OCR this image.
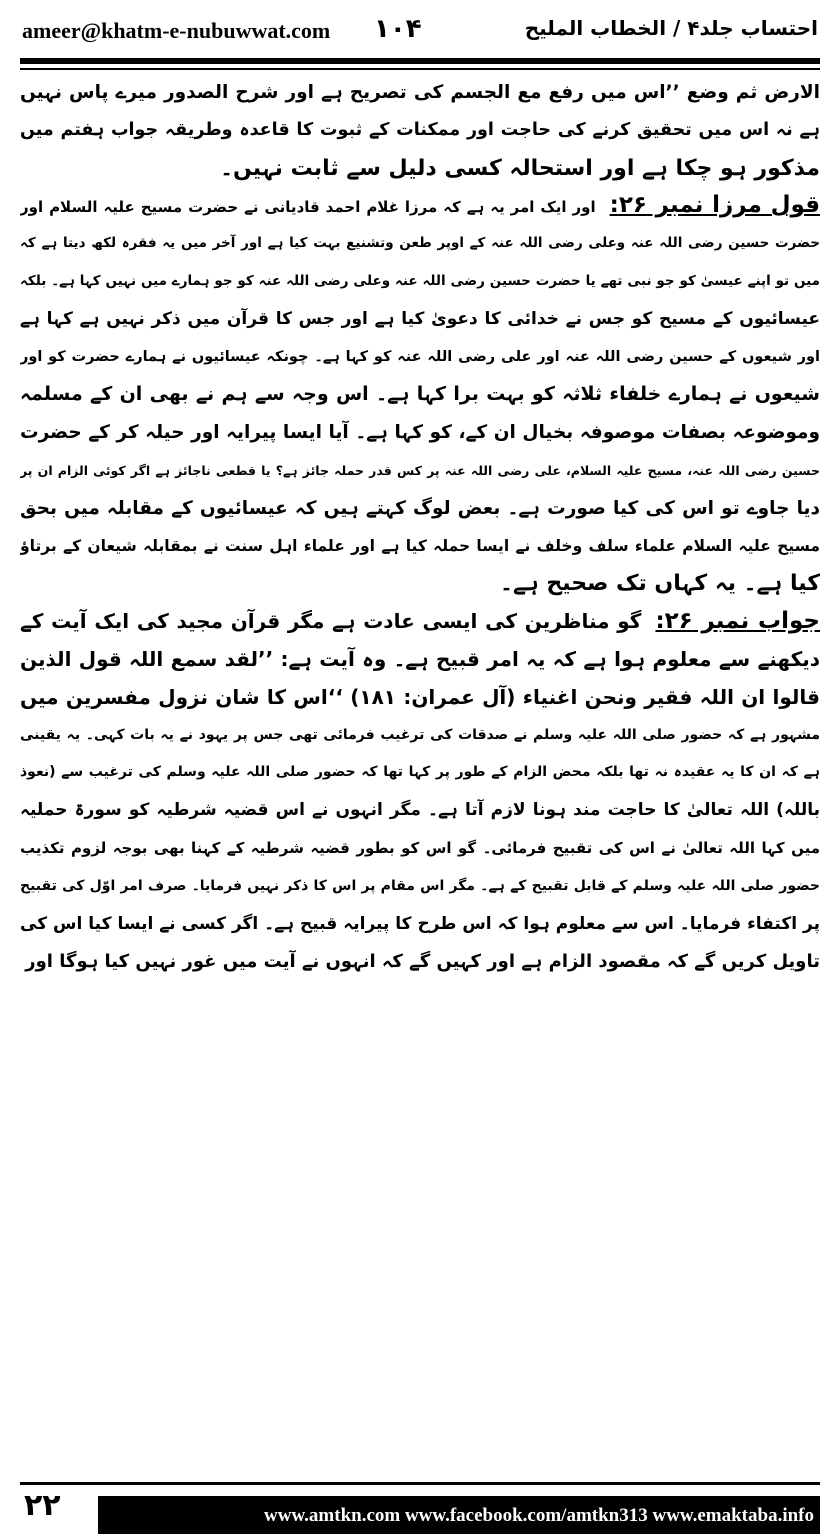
ameer@khatm-e-nubuwwat.com ۱۰۴	احتساب جلد۴ / الخطاب المليح
الارض ثم وضع ’’اس میں رفع مع الجسم کی تصریح ہے اور شرح الصدور میرے پاس نہیں
ہے نہ اس میں تحقیق کرنے کی حاجت اور ممکنات کے ثبوت کا قاعدہ وطریقہ جواب ہفتم میں
مذکور ہو چکا ہے اور استحالہ کسی دلیل سے ثابت نہیں۔
قول مرزا نمبر ۲۶:اور ایک امر یہ ہے کہ مرزا غلام احمد قادیانی نے حضرت مسیح علیہ السلام اور
حضرت حسین رضی اللہ عنہ وعلی رضی اللہ عنہ کے اوپر طعن وتشنیع بہت کیا ہے اور آخر میں یہ فقرہ لکھ دیتا ہے کہ
میں تو اپنے عیسیٰ کو جو نبی تھے یا حضرت حسین رضی اللہ عنہ وعلی رضی اللہ عنہ کو جو ہمارے میں نہیں کہا ہے۔ بلکہ
عیسائیوں کے مسیح کو جس نے خدائی کا دعویٰ کیا ہے اور جس کا قرآن میں ذکر نہیں ہے کہا ہے
اور شیعوں کے حسین رضی اللہ عنہ اور علی رضی اللہ عنہ کو کہا ہے۔ چونکہ عیسائیوں نے ہمارے حضرت کو اور
شیعوں نے ہمارے خلفاء ثلاثہ کو بہت برا کہا ہے۔ اس وجہ سے ہم نے بھی ان کے مسلمہ
وموضوعہ بصفات موصوفہ بخیال ان کے، کو کہا ہے۔ آیا ایسا پیرایہ اور حیلہ کر کے حضرت
حسین رضی اللہ عنہ، مسیح علیہ السلام، علی رضی اللہ عنہ پر کس قدر حملہ جائز ہے؟ یا قطعی ناجائز ہے اگر کوئی الزام ان پر
دیا جاوے تو اس کی کیا صورت ہے۔ بعض لوگ کہتے ہیں کہ عیسائیوں کے مقابلہ میں بحق
مسیح علیہ السلام علماء سلف وخلف نے ایسا حملہ کیا ہے اور علماء اہل سنت نے بمقابلہ شیعان کے برتاؤ
کیا ہے۔ یہ کہاں تک صحیح ہے۔
جواب نمبر ۲۶:گو مناظرین کی ایسی عادت ہے مگر قرآن مجید کی ایک آیت کے
دیکھنے سے معلوم ہوا ہے کہ یہ امر قبیح ہے۔ وہ آیت ہے: ’’لقد سمع اللہ قول الذین
قالوا ان اللہ فقیر ونحن اغنیاء (آل عمران: ۱۸۱) ‘‘اس کا شان نزول مفسرین میں
مشہور ہے کہ حضور صلی اللہ علیہ وسلم نے صدقات کی ترغیب فرمائی تھی جس پر یہود نے یہ بات کہی۔ یہ یقینی
ہے کہ ان کا یہ عقیدہ نہ تھا بلکہ محض الزام کے طور پر کہا تھا کہ حضور صلی اللہ علیہ وسلم کی ترغیب سے (نعوذ
باللہ) اللہ تعالیٰ کا حاجت مند ہونا لازم آتا ہے۔ مگر انہوں نے اس قضیہ شرطیہ کو سورۃ حملیہ
میں کہا اللہ تعالیٰ نے اس کی تقبیح فرمائی۔ گو اس کو بطور قضیہ شرطیہ کے کہنا بھی بوجہ لزوم تکذیب
حضور صلی اللہ علیہ وسلم کے قابل تقبیح کے ہے۔ مگر اس مقام پر اس کا ذکر نہیں فرمایا۔ صرف امر اوّل کی تقبیح
پر اکتفاء فرمایا۔ اس سے معلوم ہوا کہ اس طرح کا پیرایہ قبیح ہے۔ اگر کسی نے ایسا کیا اس کی
تاویل کریں گے کہ مقصود الزام ہے اور کہیں گے کہ انہوں نے آیت میں غور نہیں کیا ہوگا اور
۲۲	www.amtkn.com www.facebook.com/amtkn313 www.emaktaba.info
